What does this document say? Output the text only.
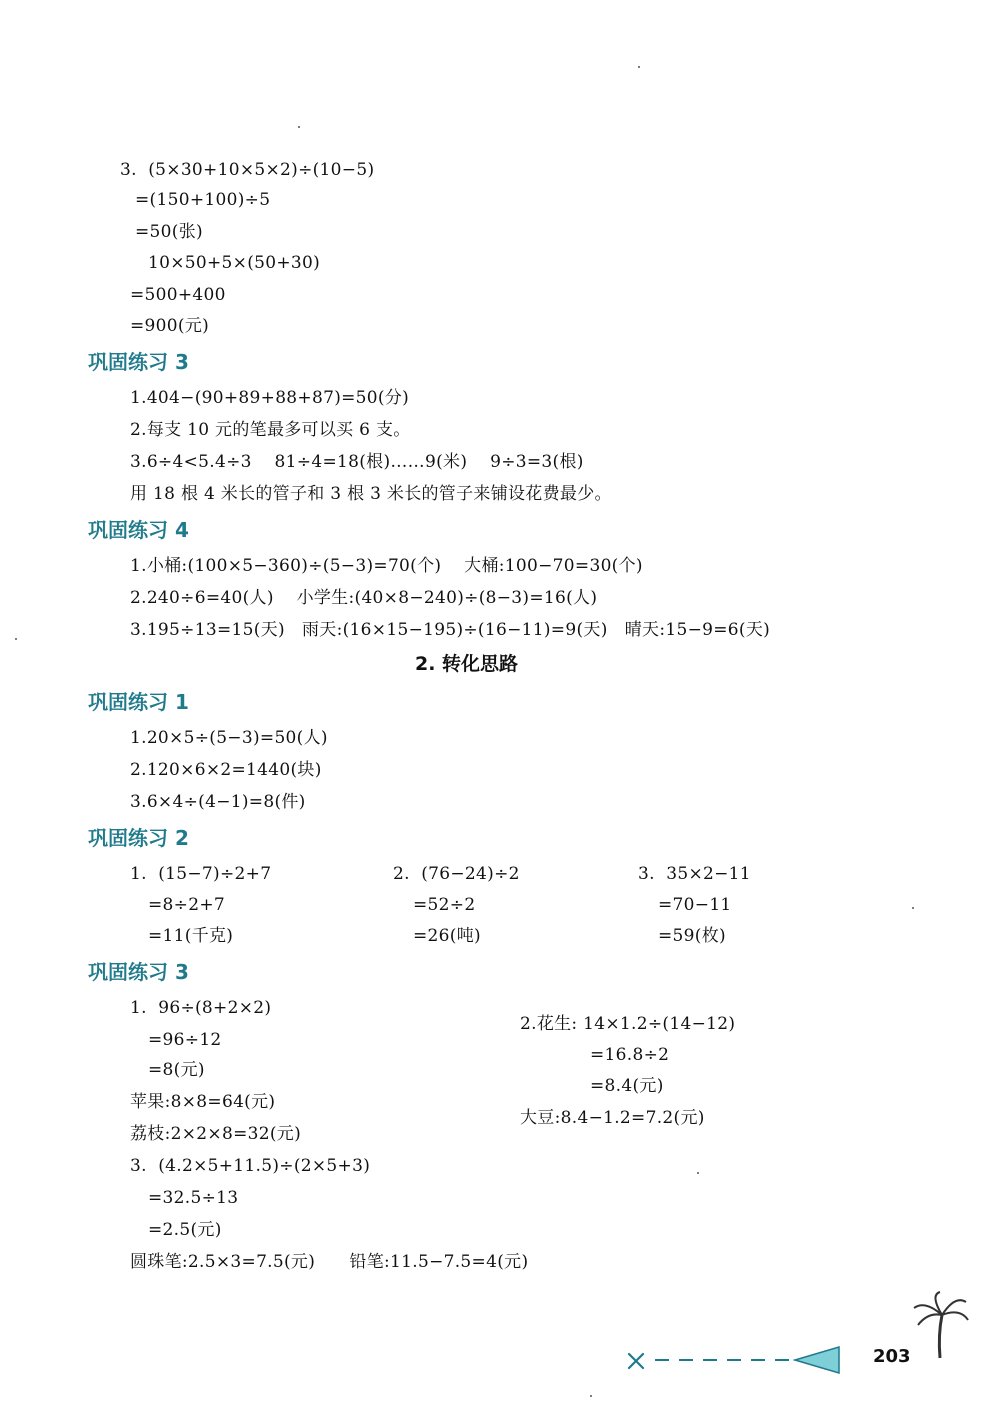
3.  (5×30+10×5×2)÷(10−5)
=(150+100)÷5
=50(张)
10×50+5×(50+30)
=500+400
=900(元)
巩固练习 3
1.404−(90+89+88+87)=50(分)
2.每支 10 元的笔最多可以买 6 支。
3.6÷4<5.4÷3    81÷4=18(根)……9(米)    9÷3=3(根)
用 18 根 4 米长的管子和 3 根 3 米长的管子来铺设花费最少。
巩固练习 4
1.小桶:(100×5−360)÷(5−3)=70(个)    大桶:100−70=30(个)
2.240÷6=40(人)    小学生:(40×8−240)÷(8−3)=16(人)
3.195÷13=15(天)   雨天:(16×15−195)÷(16−11)=9(天)   晴天:15−9=6(天)
2. 转化思路
巩固练习 1
1.20×5÷(5−3)=50(人)
2.120×6×2=1440(块)
3.6×4÷(4−1)=8(件)
巩固练习 2
1.  (15−7)÷2+7
=8÷2+7
=11(千克)
2.  (76−24)÷2
=52÷2
=26(吨)
3.  35×2−11
=70−11
=59(枚)
巩固练习 3
1.  96÷(8+2×2)
=96÷12
=8(元)
苹果:8×8=64(元)
荔枝:2×2×8=32(元)
2.花生: 14×1.2÷(14−12)
=16.8÷2
=8.4(元)
大豆:8.4−1.2=7.2(元)
3.  (4.2×5+11.5)÷(2×5+3)
=32.5÷13
=2.5(元)
圆珠笔:2.5×3=7.5(元)      铅笔:11.5−7.5=4(元)
203
